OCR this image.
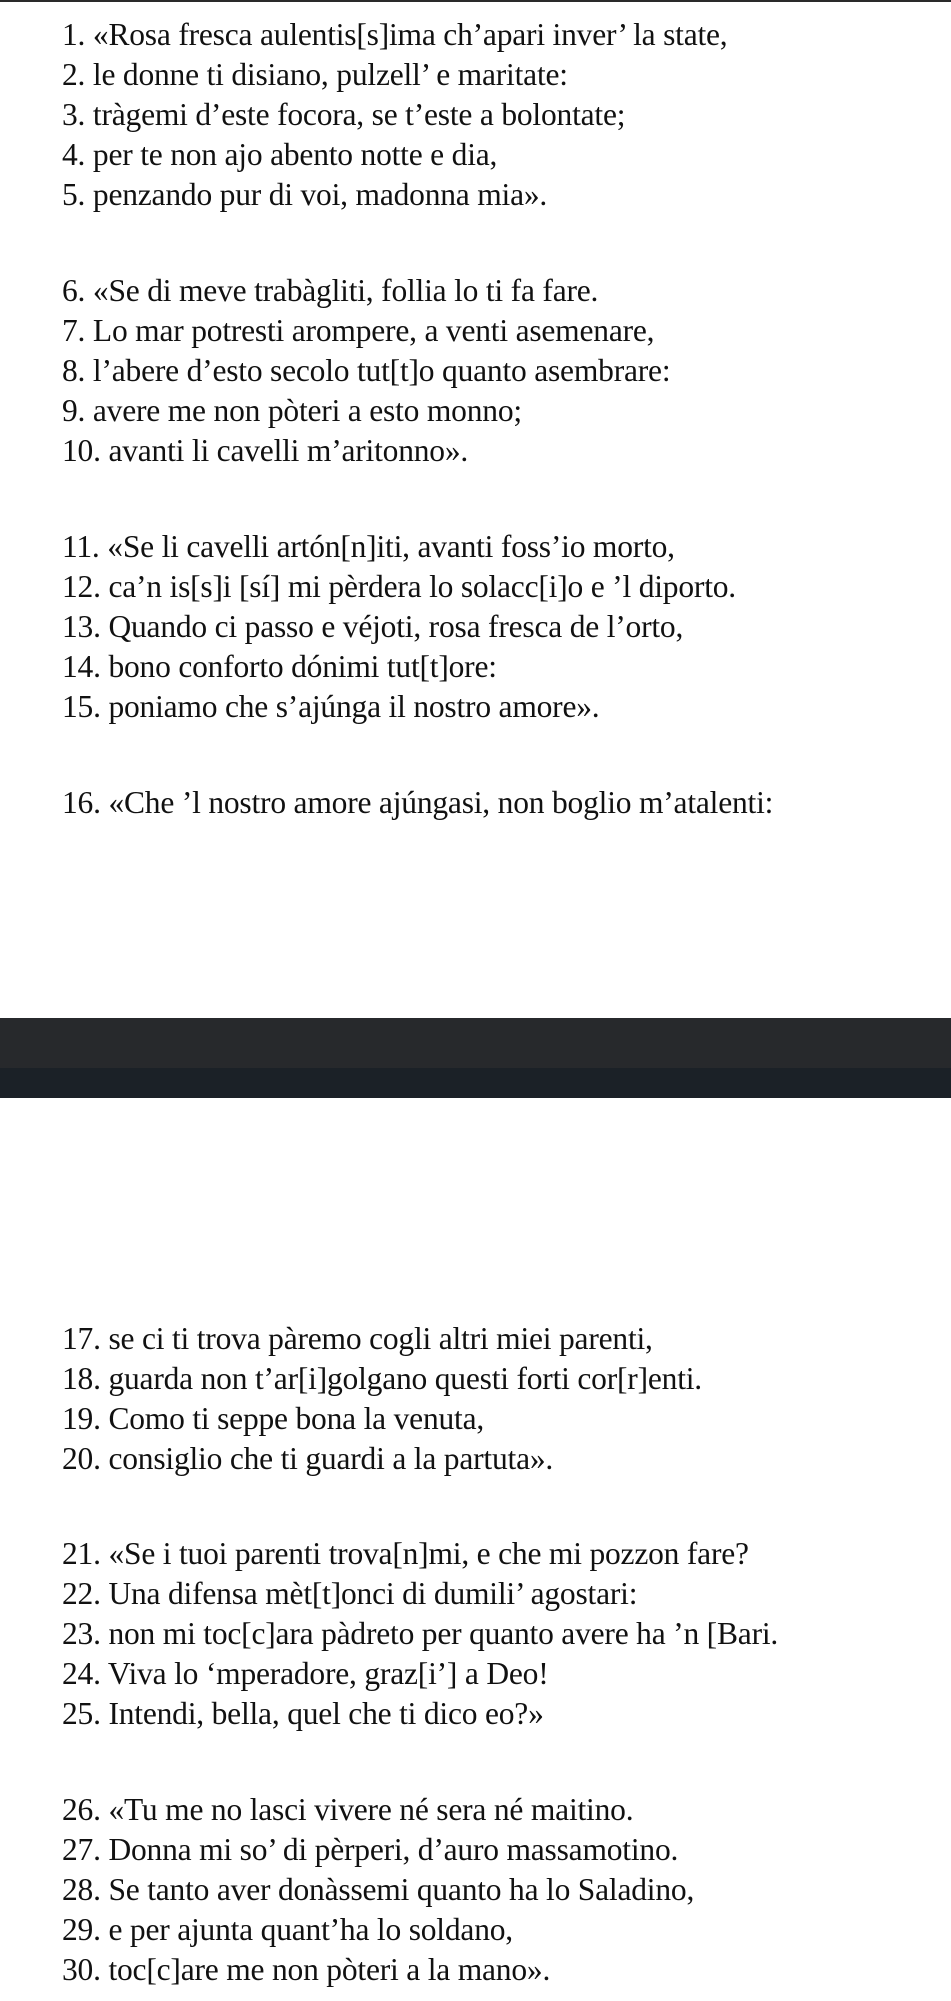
1. «Rosa fresca aulentis[s]ima ch’apari inver’ la state,
2. le donne ti disiano, pulzell’ e maritate:
3. tràgemi d’este focora, se t’este a bolontate;
4. per te non ajo abento notte e dia,
5. penzando pur di voi, madonna mia».
6. «Se di meve trabàgliti, follia lo ti fa fare.
7. Lo mar potresti arompere, a venti asemenare,
8. l’abere d’esto secolo tut[t]o quanto asembrare:
9. avere me non pòteri a esto monno;
10. avanti li cavelli m’aritonno».
11. «Se li cavelli artón[n]iti, avanti foss’io morto,
12. ca’n is[s]i [sí] mi pèrdera lo solacc[i]o e ’l diporto.
13. Quando ci passo e véjoti, rosa fresca de l’orto,
14. bono conforto dónimi tut[t]ore:
15. poniamo che s’ajúnga il nostro amore».
16. «Che ’l nostro amore ajúngasi, non boglio m’atalenti:
17. se ci ti trova pàremo cogli altri miei parenti,
18. guarda non t’ar[i]golgano questi forti cor[r]enti.
19. Como ti seppe bona la venuta,
20. consiglio che ti guardi a la partuta».
21. «Se i tuoi parenti trova[n]mi, e che mi pozzon fare?
22. Una difensa mèt[t]onci di dumili’ agostari:
23. non mi toc[c]ara pàdreto per quanto avere ha ’n [Bari.
24. Viva lo ‘mperadore, graz[i’] a Deo!
25. Intendi, bella, quel che ti dico eo?»
26. «Tu me no lasci vivere né sera né maitino.
27. Donna mi so’ di pèrperi, d’auro massamotino.
28. Se tanto aver donàssemi quanto ha lo Saladino,
29. e per ajunta quant’ha lo soldano,
30. toc[c]are me non pòteri a la mano».
